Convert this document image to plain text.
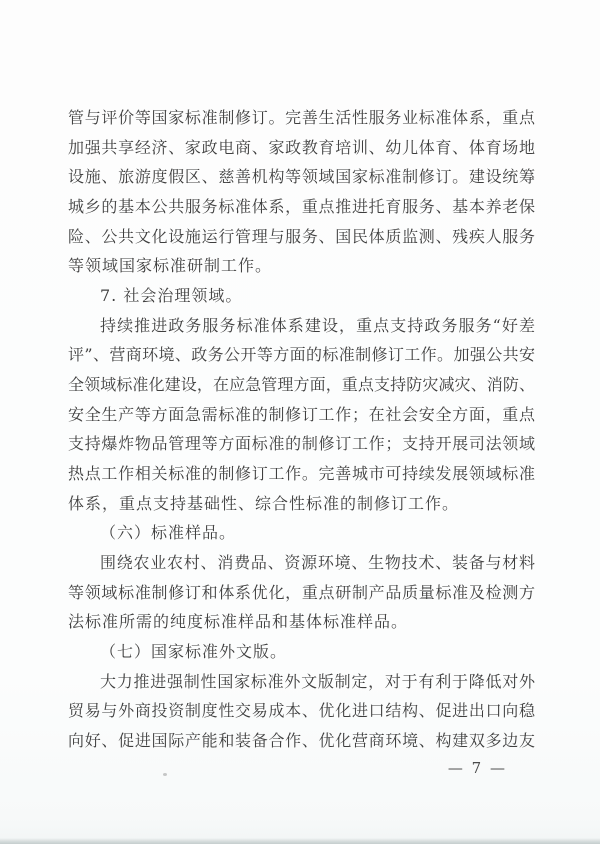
管与评价等国家标准制修订。完善生活性服务业标准体系，重点
加强共享经济、家政电商、家政教育培训、幼儿体育、体育场地
设施、旅游度假区、慈善机构等领域国家标准制修订。建设统筹
城乡的基本公共服务标准体系，重点推进托育服务、基本养老保
险、公共文化设施运行管理与服务、国民体质监测、残疾人服务
等领域国家标准研制工作。
7. 社会治理领域。
持续推进政务服务标准体系建设，重点支持政务服务“好差
评”、营商环境、政务公开等方面的标准制修订工作。加强公共安
全领域标准化建设，在应急管理方面，重点支持防灾减灾、消防、
安全生产等方面急需标准的制修订工作；在社会安全方面，重点
支持爆炸物品管理等方面标准的制修订工作；支持开展司法领域
热点工作相关标准的制修订工作。完善城市可持续发展领域标准
体系，重点支持基础性、综合性标准的制修订工作。
（六）标准样品。
围绕农业农村、消费品、资源环境、生物技术、装备与材料
等领域标准制修订和体系优化，重点研制产品质量标准及检测方
法标准所需的纯度标准样品和基体标准样品。
（七）国家标准外文版。
大力推进强制性国家标准外文版制定，对于有利于降低对外
贸易与外商投资制度性交易成本、优化进口结构、促进出口向稳
向好、促进国际产能和装备合作、优化营商环境、构建双多边友
— 7 —
